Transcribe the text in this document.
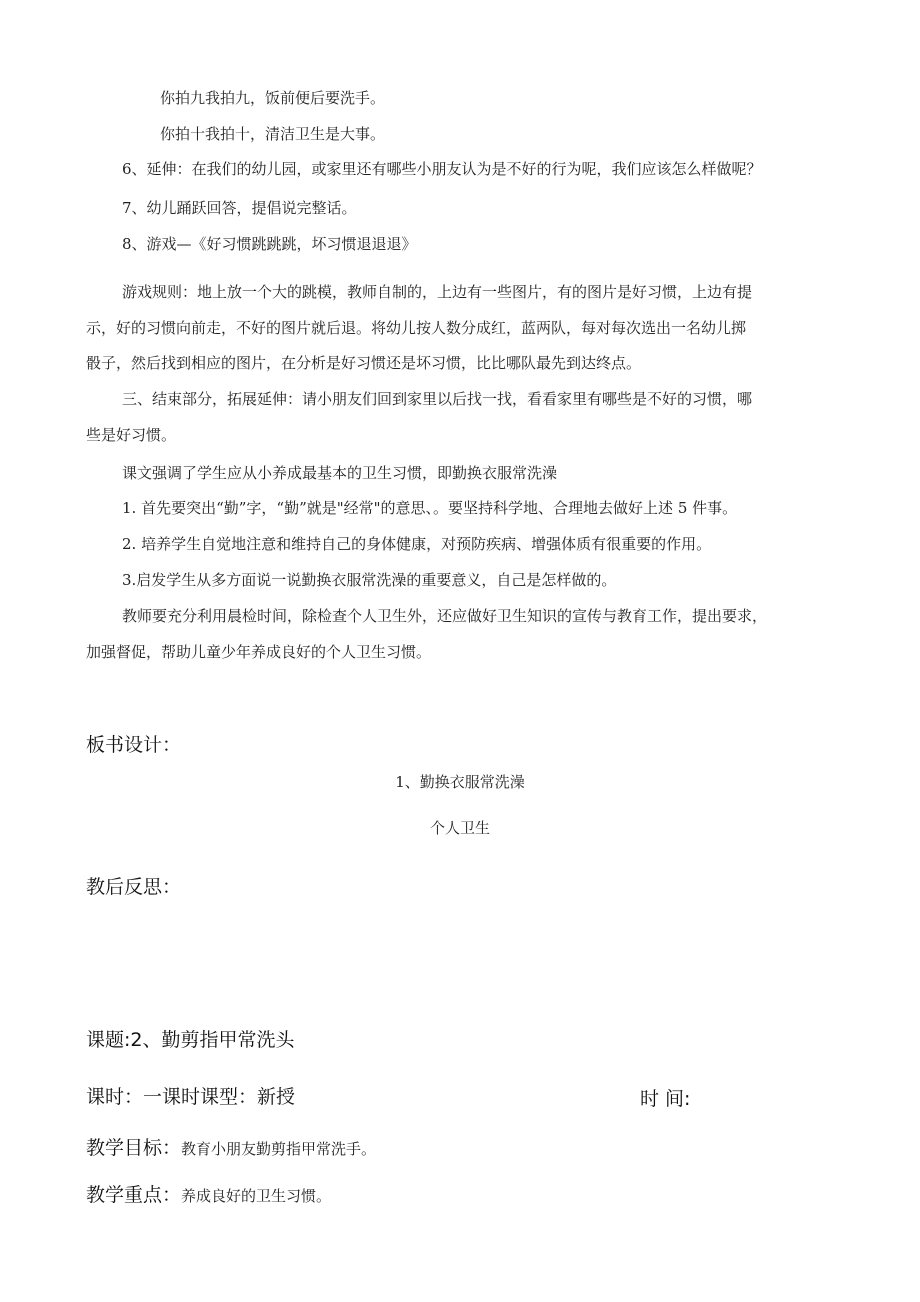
你拍九我拍九，饭前便后要洗手。
你拍十我拍十，清洁卫生是大事。
6、延伸：在我们的幼儿园，或家里还有哪些小朋友认为是不好的行为呢，我们应该怎么样做呢？
7、幼儿踊跃回答，提倡说完整话。
8、游戏—《好习惯跳跳跳，坏习惯退退退》
游戏规则：地上放一个大的跳模，教师自制的，上边有一些图片，有的图片是好习惯，上边有提
示，好的习惯向前走，不好的图片就后退。将幼儿按人数分成红，蓝两队，每对每次选出一名幼儿掷
骰子，然后找到相应的图片，在分析是好习惯还是坏习惯，比比哪队最先到达终点。
三、结束部分，拓展延伸：请小朋友们回到家里以后找一找，看看家里有哪些是不好的习惯，哪
些是好习惯。
课文强调了学生应从小养成最基本的卫生习惯，即勤换衣服常洗澡
1. 首先要突出“勤”字，“勤”就是"经常"的意思、。要坚持科学地、合理地去做好上述 5 件事。
2. 培养学生自觉地注意和维持自己的身体健康，对预防疾病、增强体质有很重要的作用。
3.启发学生从多方面说一说勤换衣服常洗澡的重要意义，自己是怎样做的。
教师要充分利用晨检时间，除检查个人卫生外，还应做好卫生知识的宣传与教育工作，提出要求，
加强督促，帮助儿童少年养成良好的个人卫生习惯。
板书设计：
1、勤换衣服常洗澡
个人卫生
教后反思：
课题:2、勤剪指甲常洗头
课时：一课时课型：新授	时 间:
教学目标：教育小朋友勤剪指甲常洗手。
教学重点：养成良好的卫生习惯。
